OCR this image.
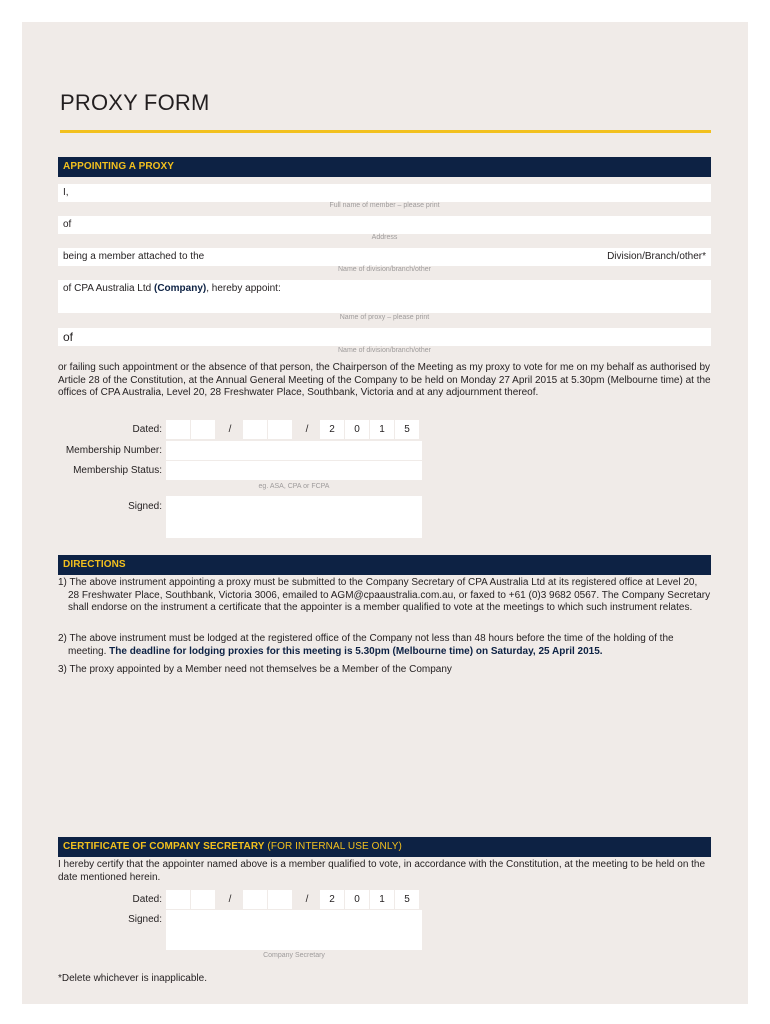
PROXY FORM
APPOINTING A PROXY
I,
Full name of member – please print
of
Address
being a member attached to the	Division/Branch/other*
Name of division/branch/other
of CPA Australia Ltd (Company), hereby appoint:
Name of proxy – please print
of
Name of division/branch/other
or failing such appointment or the absence of that person, the Chairperson of the Meeting as my proxy to vote for me on my behalf as authorised by Article 28 of the Constitution, at the Annual General Meeting of the Company to be held on Monday 27 April 2015 at 5.30pm (Melbourne time) at the offices of CPA Australia, Level 20, 28 Freshwater Place, Southbank, Victoria and at any adjournment thereof.
Dated:	/	/	2	0	1	5
Membership Number:
Membership Status:
eg. ASA, CPA or FCPA
Signed:
DIRECTIONS
1) The above instrument appointing a proxy must be submitted to the Company Secretary of CPA Australia Ltd at its registered office at Level 20, 28 Freshwater Place, Southbank, Victoria 3006, emailed to AGM@cpaaustralia.com.au, or faxed to +61 (0)3 9682 0567. The Company Secretary shall endorse on the instrument a certificate that the appointer is a member qualified to vote at the meetings to which such instrument relates.
2) The above instrument must be lodged at the registered office of the Company not less than 48 hours before the time of the holding of the meeting. The deadline for lodging proxies for this meeting is 5.30pm (Melbourne time) on Saturday, 25 April 2015.
3) The proxy appointed by a Member need not themselves be a Member of the Company
CERTIFICATE OF COMPANY SECRETARY (FOR INTERNAL USE ONLY)
I hereby certify that the appointer named above is a member qualified to vote, in accordance with the Constitution, at the meeting to be held on the date mentioned herein.
Dated:	/	/	2	0	1	5
Signed:
Company Secretary
*Delete whichever is inapplicable.
